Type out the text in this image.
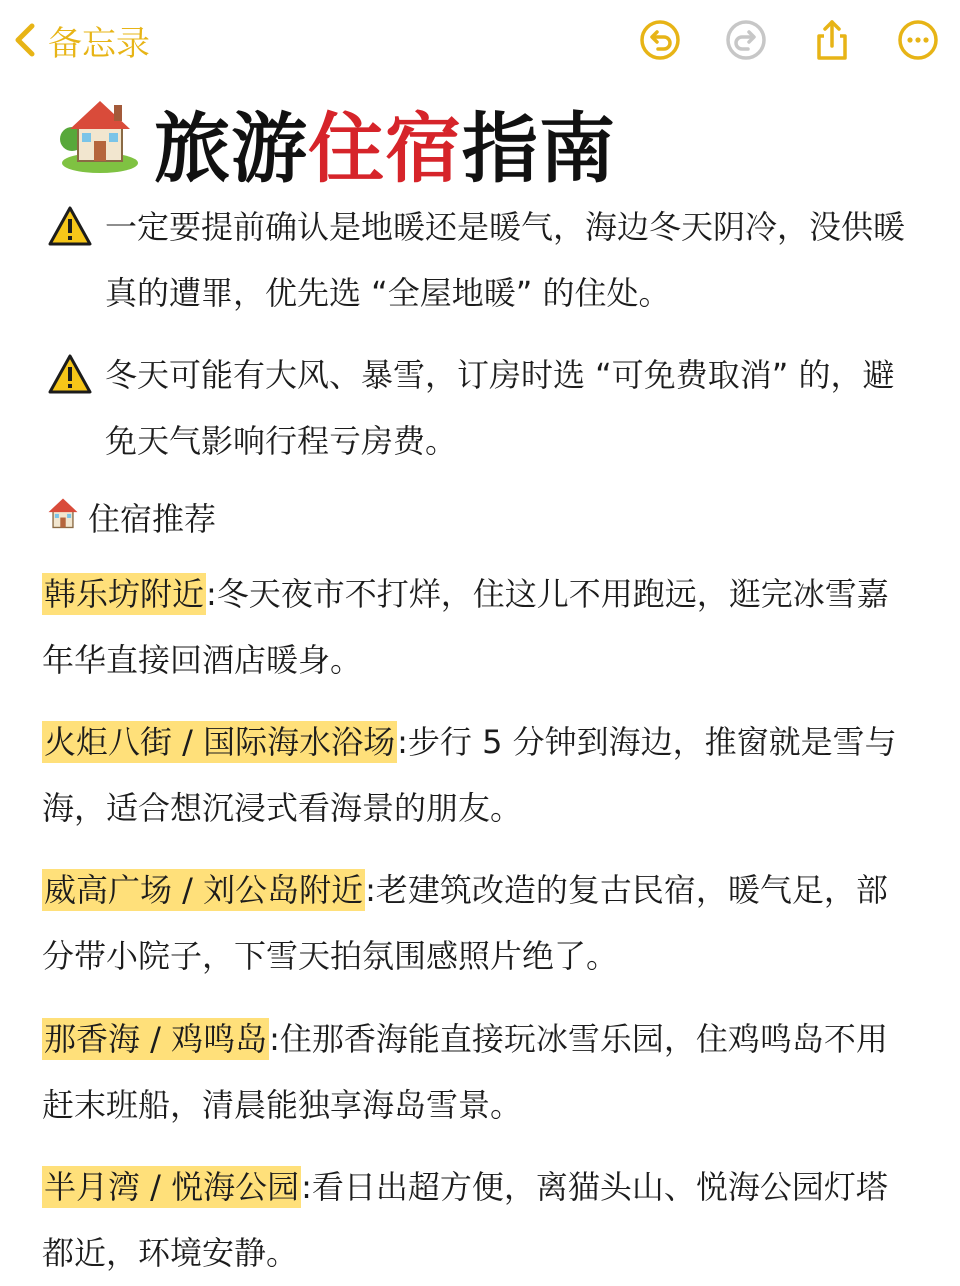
备忘录
旅游 住宿 指南
一定要提前确认是地暖还是暖气，海边冬天阴冷，没供暖真的遭罪，优先选 “全屋地暖” 的住处。
冬天可能有大风、暴雪，订房时选 “可免费取消” 的，避免天气影响行程亏房费。
住宿推荐
韩乐坊附近:冬天夜市不打烊，住这儿不用跑远，逛完冰雪嘉年华直接回酒店暖身。
火炬八街 / 国际海水浴场:步行 5 分钟到海边，推窗就是雪与海，适合想沉浸式看海景的朋友。
威高广场 / 刘公岛附近:老建筑改造的复古民宿，暖气足，部分带小院子，下雪天拍氛围感照片绝了。
那香海 / 鸡鸣岛:住那香海能直接玩冰雪乐园，住鸡鸣岛不用赶末班船，清晨能独享海岛雪景。
半月湾 / 悦海公园:看日出超方便，离猫头山、悦海公园灯塔都近，环境安静。
